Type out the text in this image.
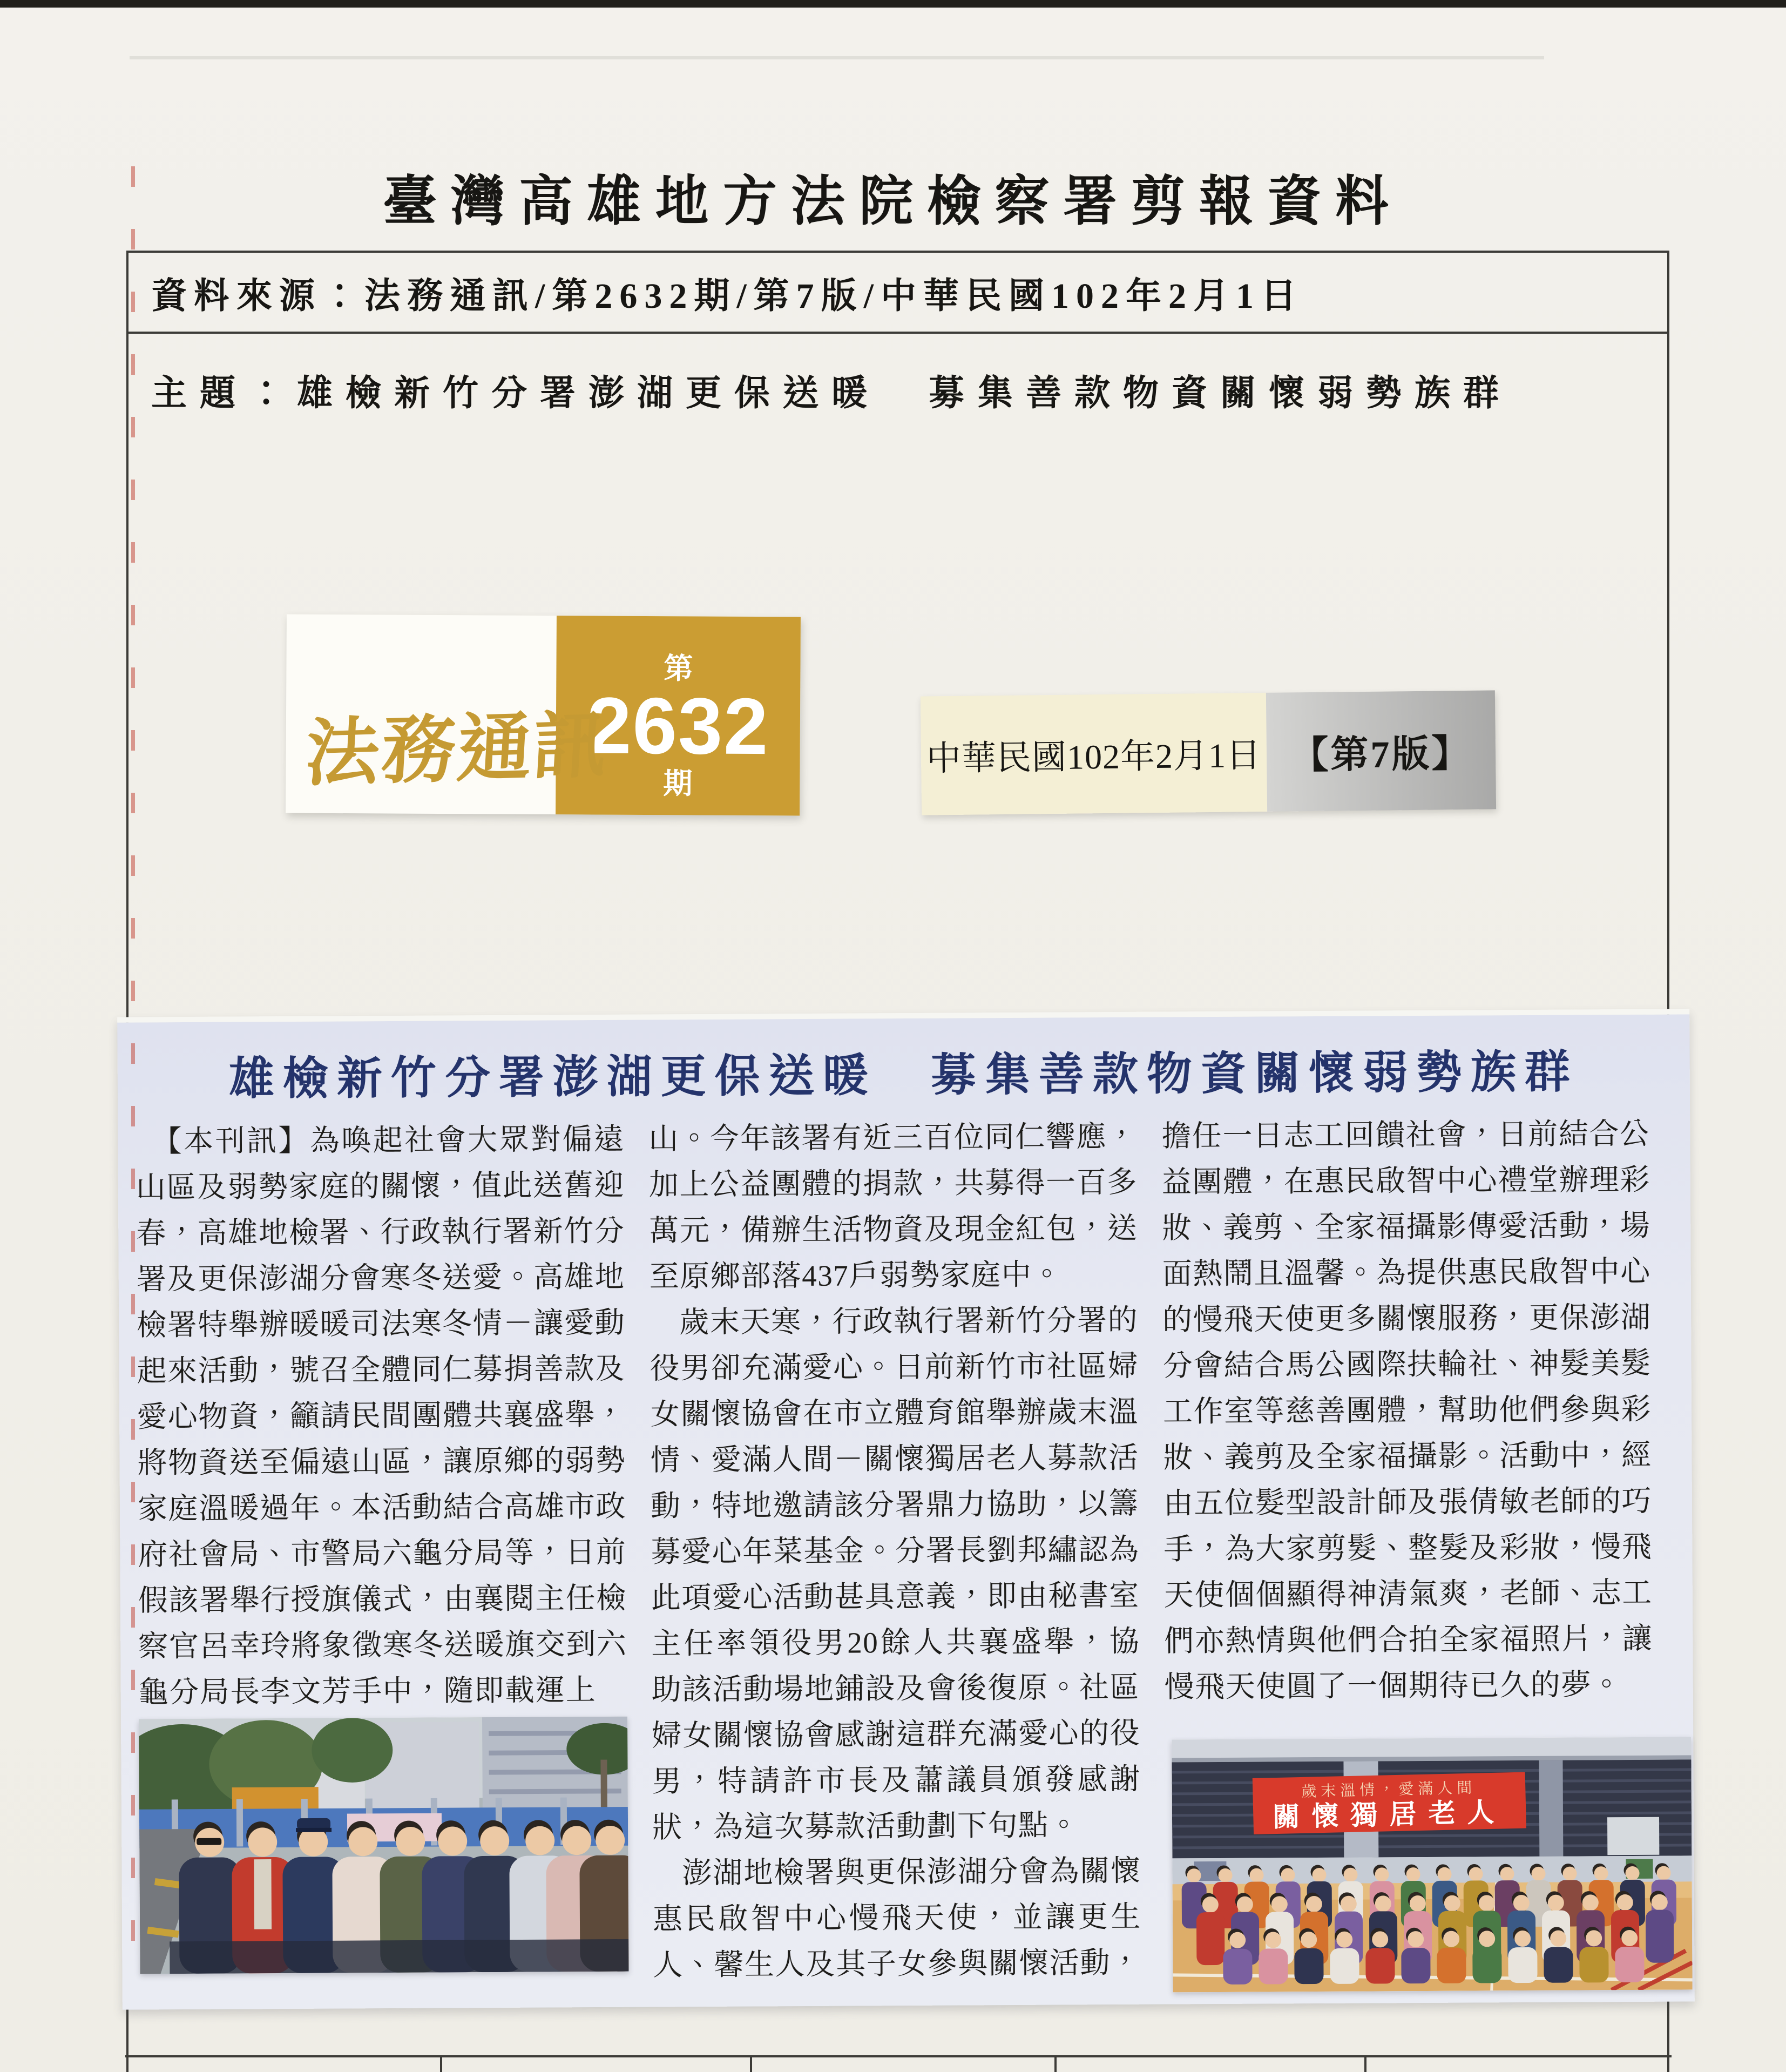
臺灣高雄地方法院檢察署剪報資料
資料來源： 法務通訊/第2632期/第7版/中華民國102年2月1日
主題：雄檢新竹分署澎湖更保送暖　募集善款物資關懷弱勢族群
法務通訊
第
2632
期
中華民國102年2月1日 【第7版】
雄檢新竹分署澎湖更保送暖　募集善款物資關懷弱勢族群

【本刊訊】為喚起社會大眾對偏遠山區及弱勢家庭的關懷，值此送舊迎春，高雄地檢署、行政執行署新竹分署及更保澎湖分會寒冬送愛。高雄地檢署特舉辦暖暖司法寒冬情－讓愛動起來活動，號召全體同仁募捐善款及愛心物資，籲請民間團體共襄盛舉，將物資送至偏遠山區，讓原鄉的弱勢家庭溫暖過年。本活動結合高雄市政府社會局、市警局六龜分局等，日前假該署舉行授旗儀式，由襄閱主任檢察官呂幸玲將象徵寒冬送暖旗交到六龜分局長李文芳手中，隨即載運上

山。今年該署有近三百位同仁響應，加上公益團體的捐款，共募得一百多萬元，備辦生活物資及現金紅包，送至原鄉部落437戶弱勢家庭中。

歲末天寒，行政執行署新竹分署的役男卻充滿愛心。日前新竹市社區婦女關懷協會在市立體育館舉辦歲末溫情、愛滿人間－關懷獨居老人募款活動，特地邀請該分署鼎力協助，以籌募愛心年菜基金。分署長劉邦繡認為此項愛心活動甚具意義，即由秘書室主任率領役男20餘人共襄盛舉，協助該活動場地鋪設及會後復原。社區婦女關懷協會感謝這群充滿愛心的役男，特請許市長及蕭議員頒發感謝狀，為這次募款活動劃下句點。

澎湖地檢署與更保澎湖分會為關懷惠民啟智中心慢飛天使，並讓更生人、馨生人及其子女參與關懷活動，

擔任一日志工回饋社會，日前結合公益團體，在惠民啟智中心禮堂辦理彩妝、義剪、全家福攝影傳愛活動，場面熱鬧且溫馨。為提供惠民啟智中心的慢飛天使更多關懷服務，更保澎湖分會結合馬公國際扶輪社、神髮美髮工作室等慈善團體，幫助他們參與彩妝、義剪及全家福攝影。活動中，經由五位髮型設計師及張倩敏老師的巧手，為大家剪髮、整髮及彩妝，慢飛天使個個顯得神清氣爽，老師、志工們亦熱情與他們合拍全家福照片，讓慢飛天使圓了一個期待已久的夢。

歲末溫情，愛滿人間
關懷獨居老人
